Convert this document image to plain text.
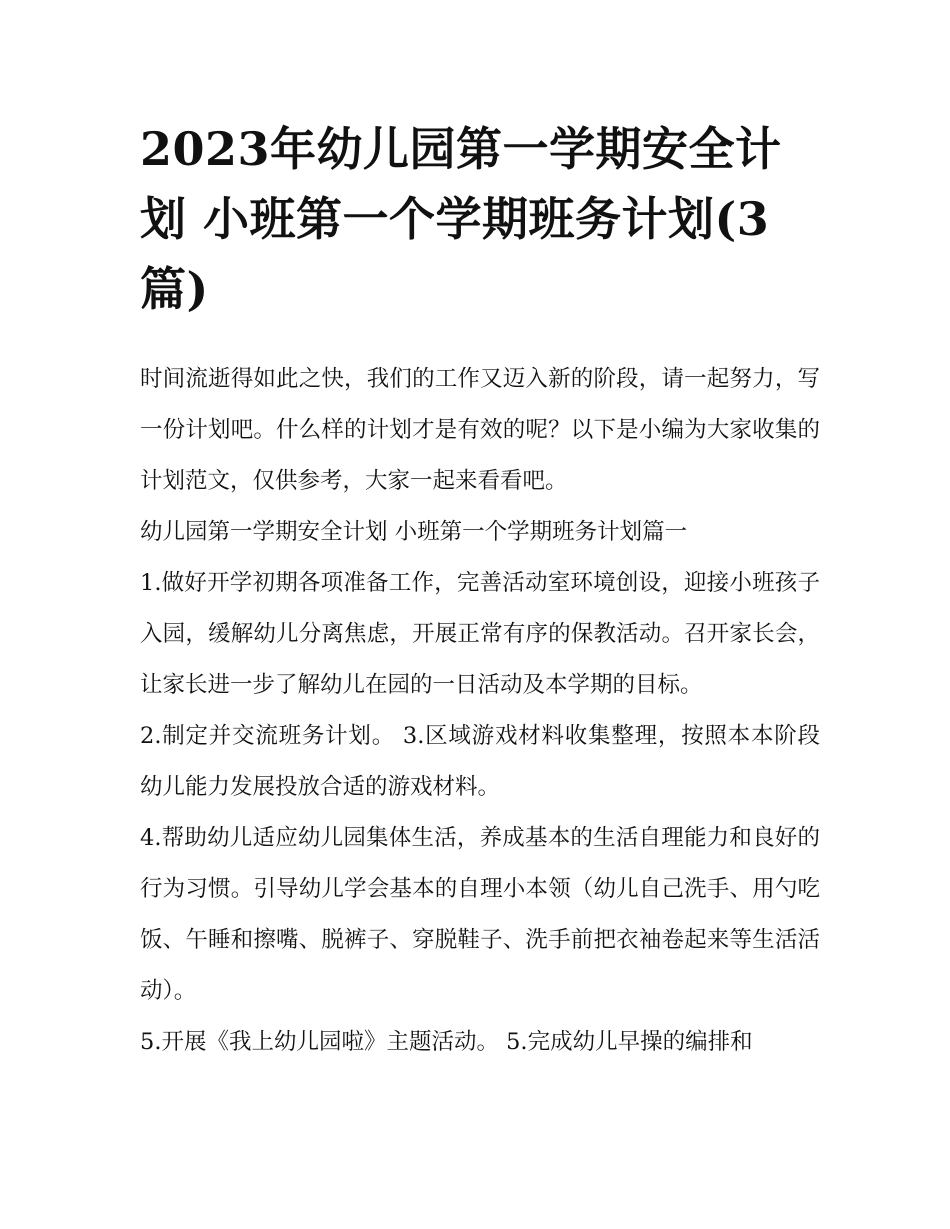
2023年幼儿园第一学期安全计划 小班第一个学期班务计划(3篇)

时间流逝得如此之快，我们的工作又迈入新的阶段，请一起努力，写一份计划吧。什么样的计划才是有效的呢？以下是小编为大家收集的计划范文，仅供参考，大家一起来看看吧。

幼儿园第一学期安全计划 小班第一个学期班务计划篇一

1.做好开学初期各项准备工作，完善活动室环境创设，迎接小班孩子入园，缓解幼儿分离焦虑，开展正常有序的保教活动。召开家长会，让家长进一步了解幼儿在园的一日活动及本学期的目标。

2.制定并交流班务计划。 3.区域游戏材料收集整理，按照本本阶段幼儿能力发展投放合适的游戏材料。

4.帮助幼儿适应幼儿园集体生活，养成基本的生活自理能力和良好的行为习惯。引导幼儿学会基本的自理小本领（幼儿自己洗手、用勺吃饭、午睡和擦嘴、脱裤子、穿脱鞋子、洗手前把衣袖卷起来等生活活动）。

5.开展《我上幼儿园啦》主题活动。 5.完成幼儿早操的编排和
